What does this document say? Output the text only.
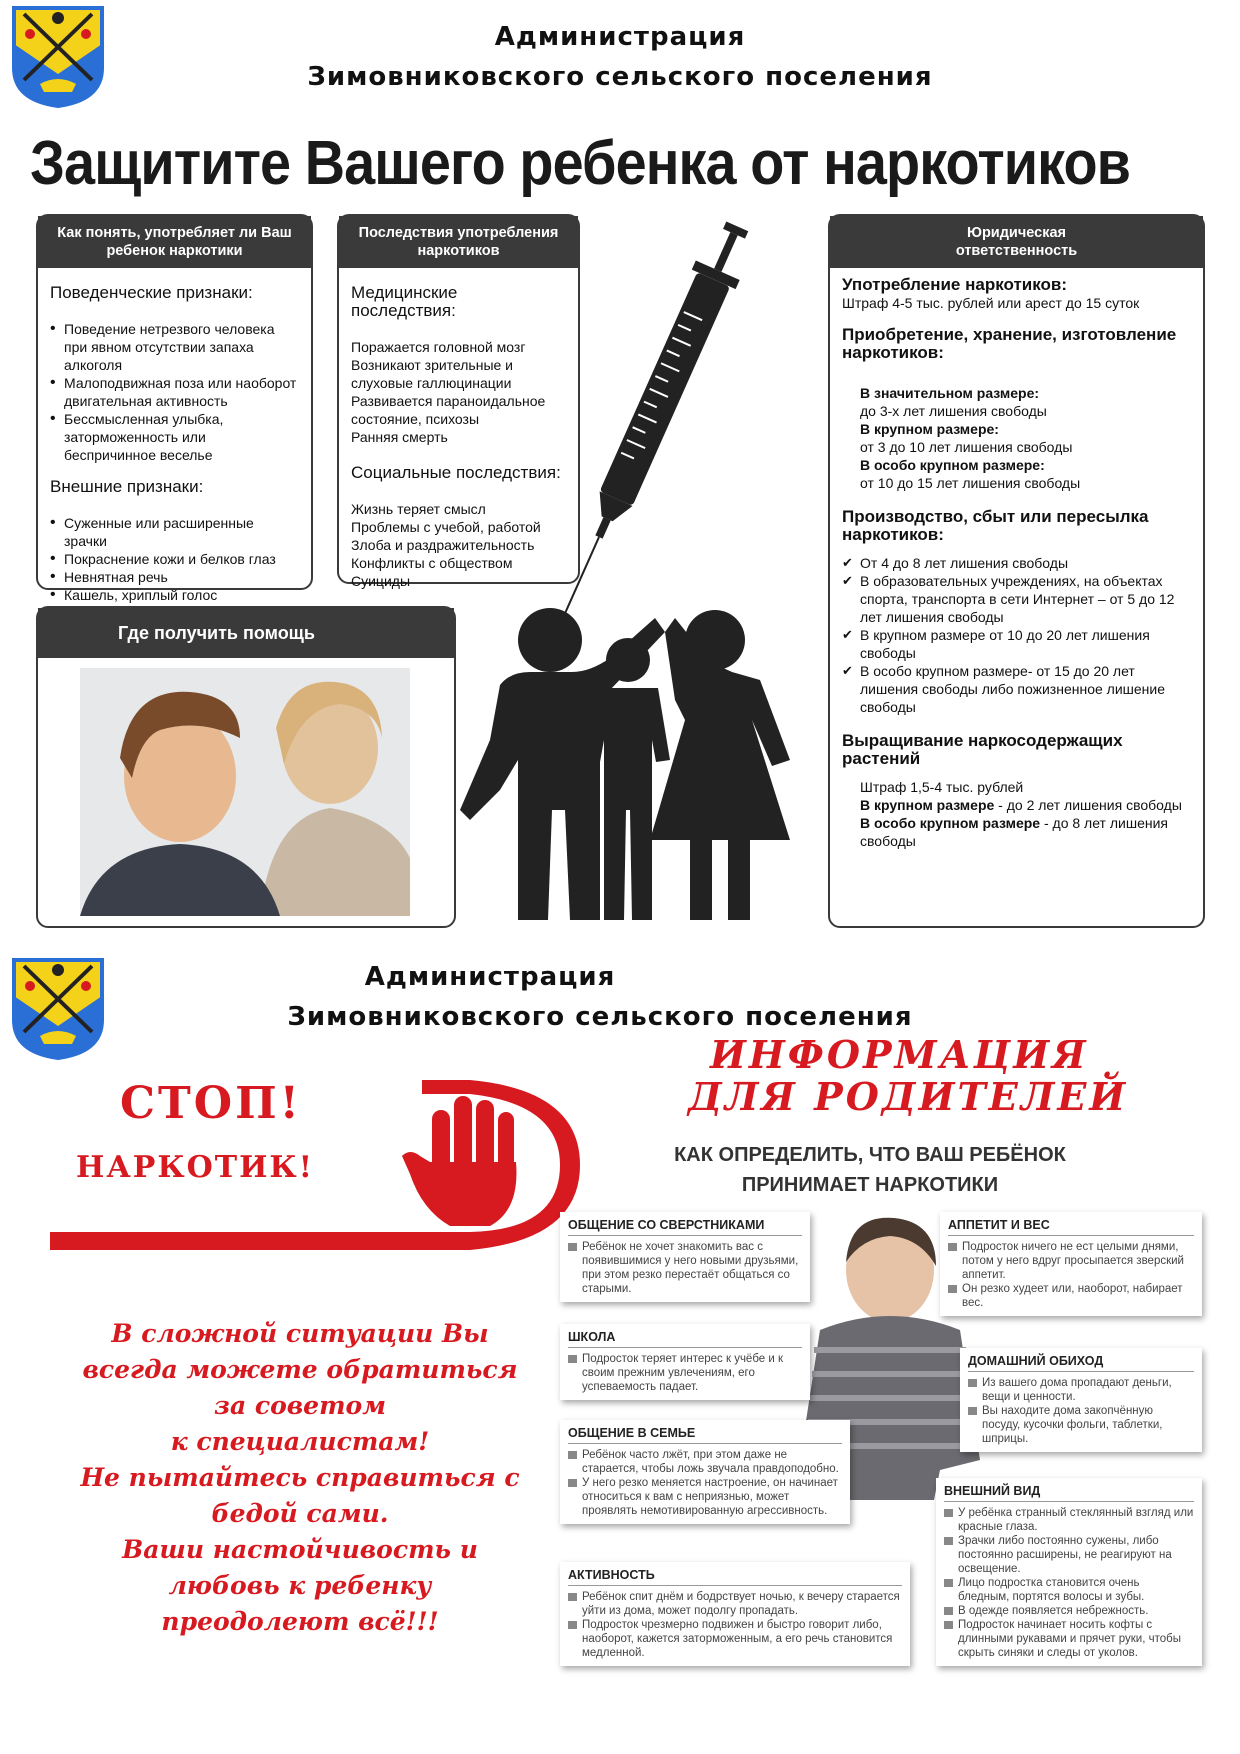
Администрация
Зимовниковского сельского поселения
Защитите Вашего ребенка от наркотиков
Как понять, употребляет ли Ваш ребенок наркотики
Поведенческие признаки:
• Поведение нетрезвого человека при явном отсутствии запаха алкоголя
• Малоподвижная поза или наоборот двигательная активность
• Бессмысленная улыбка, заторможенность или беспричинное веселье
Внешние признаки:
• Суженные или расширенные зрачки
• Покраснение кожи и белков глаз
• Невнятная речь
• Кашель, хриплый голос
Последствия употребления наркотиков
Медицинские последствия:

Поражается головной мозг

Возникают зрительные и слуховые галлюцинации

Развивается параноидальное состояние, психозы

Ранняя смерть

Социальные последствия:

Жизнь теряет смысл

Проблемы с учебой, работой

Злоба и раздражительность

Конфликты с обществом

Суициды

Юридическая ответственность
Употребление наркотиков:

Штраф 4-5 тыс. рублей или арест до 15 суток

Приобретение, хранение, изготовление наркотиков:

В значительном размере:

до 3-х лет лишения свободы

В крупном размере:

от 3 до 10 лет лишения свободы

В особо крупном размере:

от 10 до 15 лет лишения свободы

Производство, сбыт или пересылка наркотиков:
✔ От 4 до 8 лет лишения свободы
✔ В образовательных учреждениях, на объектах спорта, транспорта в сети Интернет – от 5 до 12 лет лишения свободы
✔ В крупном размере от 10 до 20 лет лишения свободы
✔ В особо крупном размере- от 15 до 20 лет лишения свободы либо пожизненное лишение свободы
Выращивание наркосодержащих растений

Штраф 1,5-4 тыс. рублей

В крупном размере - до 2 лет лишения свободы

В особо крупном размере - до 8 лет лишения свободы

Где получить помощь
Администрация
Зимовниковского сельского поселения
СТОП!
НАРКОТИК!
В сложной ситуации Вы
всегда можете обратиться
за советом
к специалистам!
Не пытайтесь справиться с
бедой сами.
Ваши настойчивость и
любовь к ребенку
преодолеют всё!!!
ИНФОРМАЦИЯ
ДЛЯ РОДИТЕЛЕЙ
КАК ОПРЕДЕЛИТЬ, ЧТО ВАШ РЕБЁНОК
ПРИНИМАЕТ НАРКОТИКИ
ОБЩЕНИЕ СО СВЕРСТНИКАМИ

Ребёнок не хочет знакомить вас с появившимися у него новыми друзьями, при этом резко перестаёт общаться со старыми.

ШКОЛА

Подросток теряет интерес к учёбе и к своим прежним увлечениям, его успеваемость падает.

ОБЩЕНИЕ В СЕМЬЕ

Ребёнок часто лжёт, при этом даже не старается, чтобы ложь звучала правдоподобно.

У него резко меняется настроение, он начинает относиться к вам с неприязнью, может проявлять немотивированную агрессивность.

АКТИВНОСТЬ

Ребёнок спит днём и бодрствует ночью, к вечеру старается уйти из дома, может подолгу пропадать.

Подросток чрезмерно подвижен и быстро говорит либо, наоборот, кажется заторможенным, а его речь становится медленной.

АППЕТИТ И ВЕС

Подросток ничего не ест целыми днями, потом у него вдруг просыпается зверский аппетит.

Он резко худеет или, наоборот, набирает вес.

ДОМАШНИЙ ОБИХОД

Из вашего дома пропадают деньги, вещи и ценности.

Вы находите дома закопчённую посуду, кусочки фольги, таблетки, шприцы.

ВНЕШНИЙ ВИД

У ребёнка странный стеклянный взгляд или красные глаза.

Зрачки либо постоянно сужены, либо постоянно расширены, не реагируют на освещение.

Лицо подростка становится очень бледным, портятся волосы и зубы.

В одежде появляется небрежность.

Подросток начинает носить кофты с длинными рукавами и прячет руки, чтобы скрыть синяки и следы от уколов.
